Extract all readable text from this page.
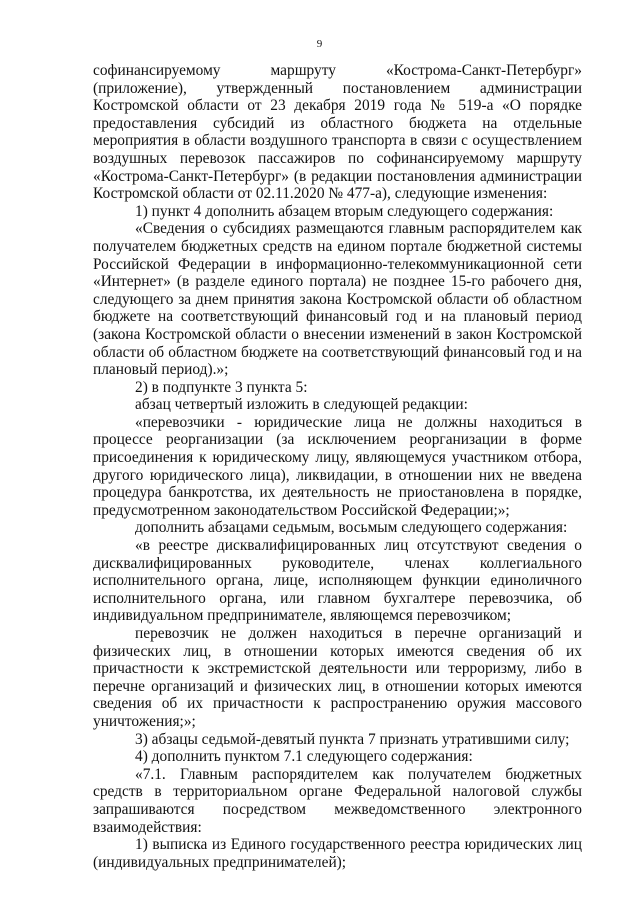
9

софинансируемому маршруту «Кострома-Санкт-Петербург» (приложение), утвержденный постановлением администрации Костромской области от 23 декабря 2019 года № 519-а «О порядке предоставления субсидий из областного бюджета на отдельные мероприятия в области воздушного транспорта в связи с осуществлением воздушных перевозок пассажиров по софинансируемому маршруту «Кострома-Санкт-Петербург» (в редакции постановления администрации Костромской области от 02.11.2020 № 477-а), следующие изменения:

1) пункт 4 дополнить абзацем вторым следующего содержания:

«Сведения о субсидиях размещаются главным распорядителем как получателем бюджетных средств на едином портале бюджетной системы Российской Федерации в информационно-телекоммуникационной сети «Интернет» (в разделе единого портала) не позднее 15-го рабочего дня, следующего за днем принятия закона Костромской области об областном бюджете на соответствующий финансовый год и на плановый период (закона Костромской области о внесении изменений в закон Костромской области об областном бюджете на соответствующий финансовый год и на плановый период).»;

2) в подпункте 3 пункта 5:

абзац четвертый изложить в следующей редакции:

«перевозчики - юридические лица не должны находиться в процессе реорганизации (за исключением реорганизации в форме присоединения к юридическому лицу, являющемуся участником отбора, другого юридического лица), ликвидации, в отношении них не введена процедура банкротства, их деятельность не приостановлена в порядке, предусмотренном законодательством Российской Федерации;»;

дополнить абзацами седьмым, восьмым следующего содержания:

«в реестре дисквалифицированных лиц отсутствуют сведения о дисквалифицированных руководителе, членах коллегиального исполнительного органа, лице, исполняющем функции единоличного исполнительного органа, или главном бухгалтере перевозчика, об индивидуальном предпринимателе, являющемся перевозчиком;

перевозчик не должен находиться в перечне организаций и физических лиц, в отношении которых имеются сведения об их причастности к экстремистской деятельности или терроризму, либо в перечне организаций и физических лиц, в отношении которых имеются сведения об их причастности к распространению оружия массового уничтожения;»;

3) абзацы седьмой-девятый пункта 7 признать утратившими силу;

4) дополнить пунктом 7.1 следующего содержания:

«7.1. Главным распорядителем как получателем бюджетных средств в территориальном органе Федеральной налоговой службы запрашиваются посредством межведомственного электронного взаимодействия:

1) выписка из Единого государственного реестра юридических лиц (индивидуальных предпринимателей);
